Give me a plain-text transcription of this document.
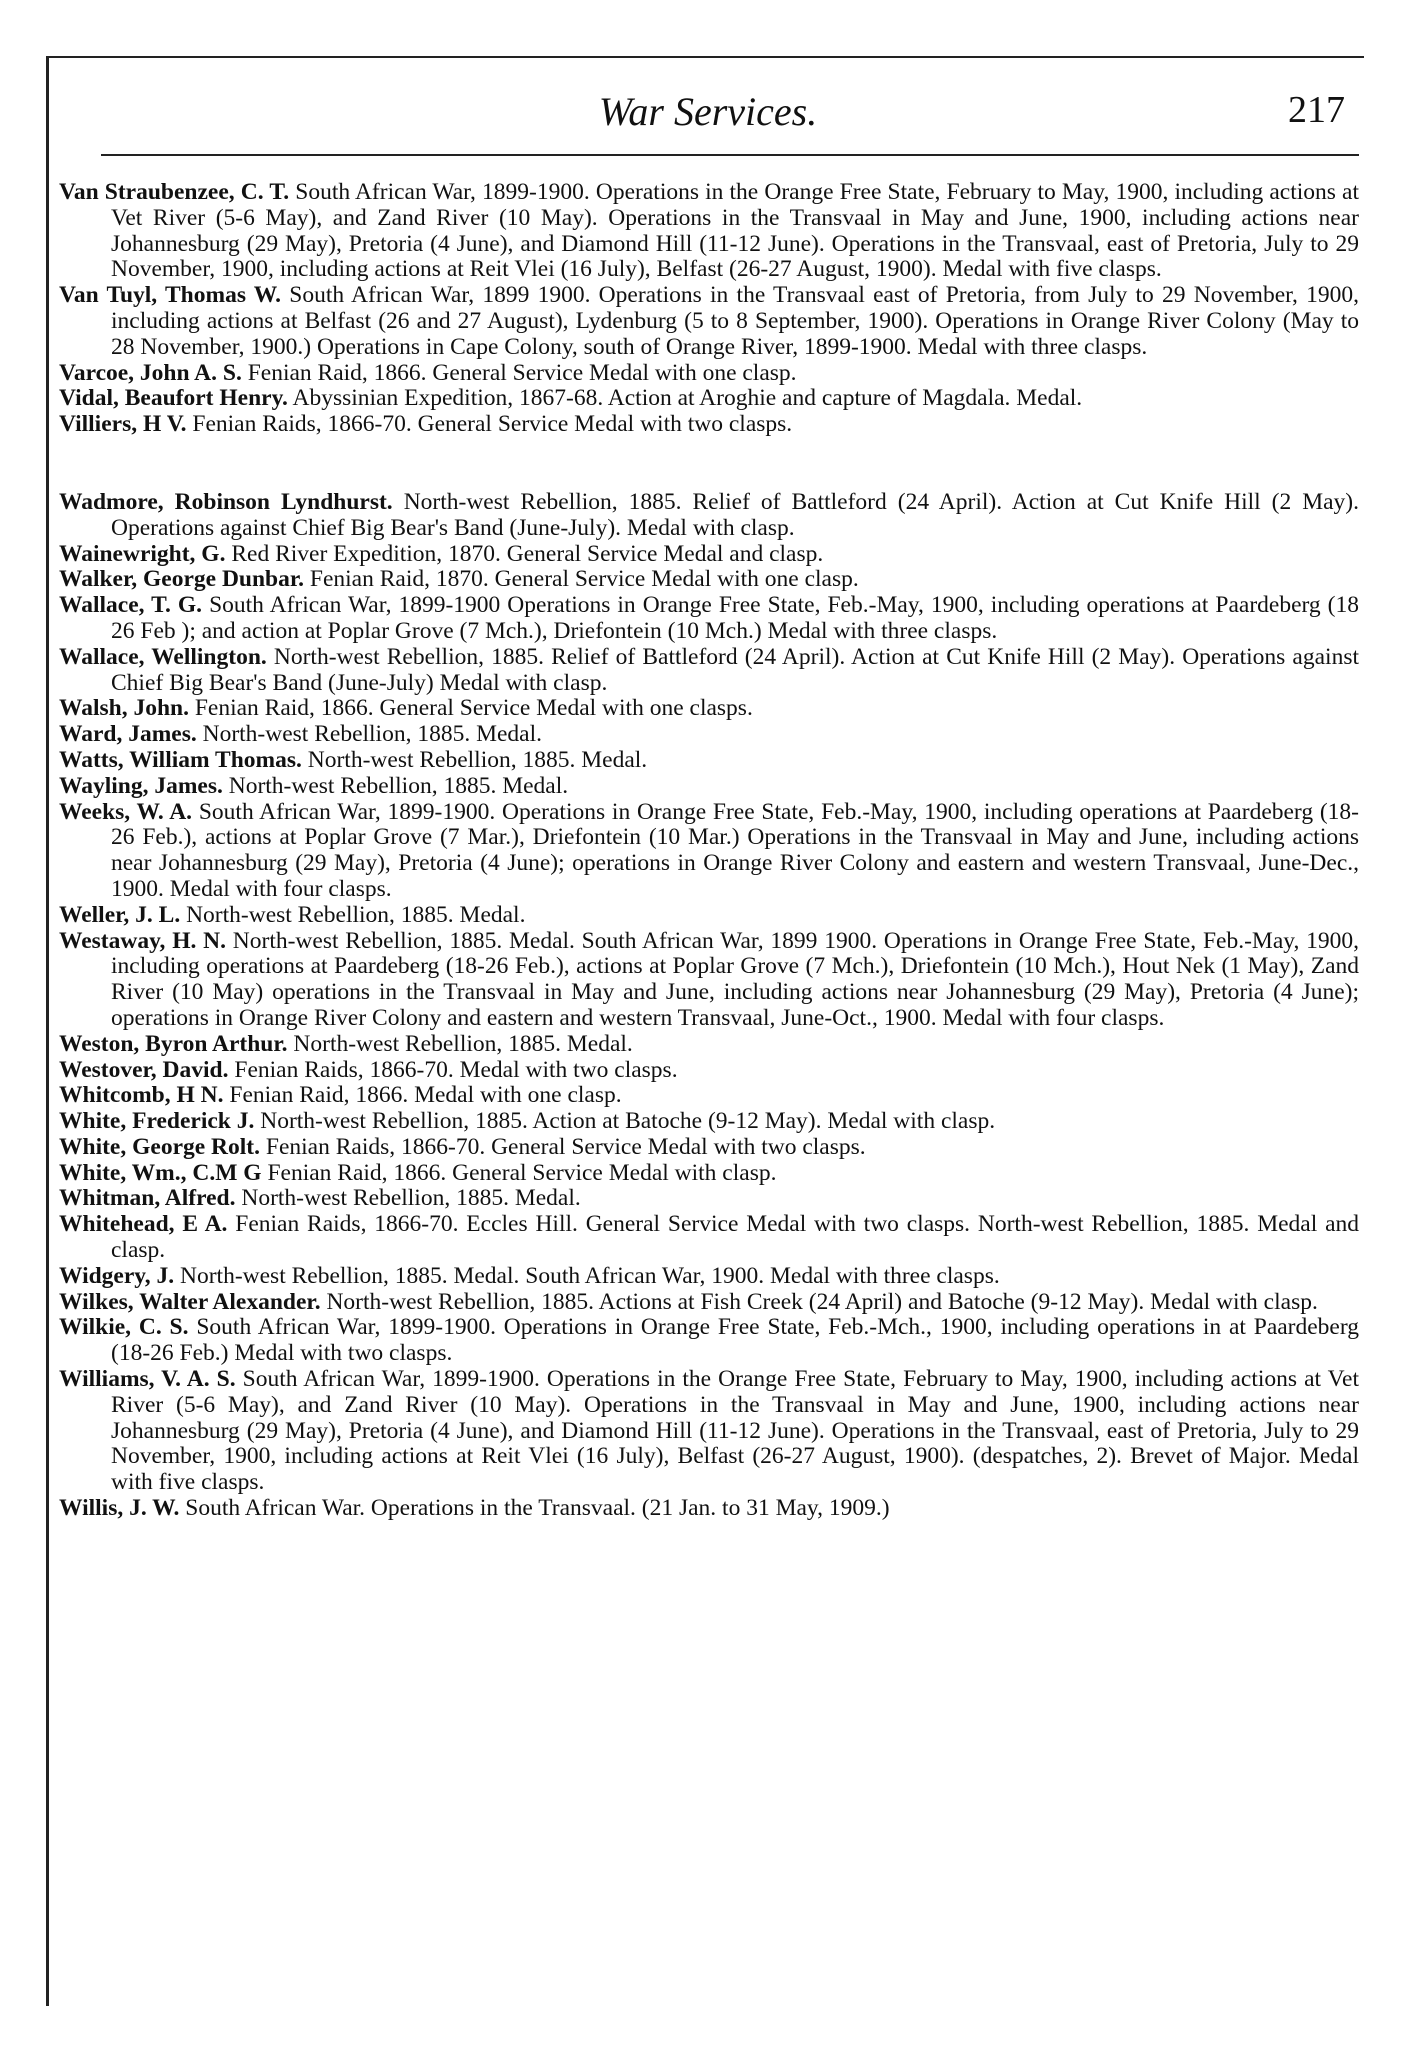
War Services.	217

Van Straubenzee, C. T. South African War, 1899-1900. Operations in the Orange Free State, February to May, 1900, including actions at Vet River (5-6 May), and Zand River (10 May). Operations in the Transvaal in May and June, 1900, including actions near Johannesburg (29 May), Pretoria (4 June), and Diamond Hill (11-12 June). Operations in the Transvaal, east of Pretoria, July to 29 November, 1900, including actions at Reit Vlei (16 July), Belfast (26-27 August, 1900). Medal with five clasps.

Van Tuyl, Thomas W. South African War, 1899 1900. Operations in the Transvaal east of Pretoria, from July to 29 November, 1900, including actions at Belfast (26 and 27 August), Lydenburg (5 to 8 September, 1900). Operations in Orange River Colony (May to 28 November, 1900.) Operations in Cape Colony, south of Orange River, 1899-1900. Medal with three clasps.

Varcoe, John A. S. Fenian Raid, 1866. General Service Medal with one clasp.

Vidal, Beaufort Henry. Abyssinian Expedition, 1867-68. Action at Aroghie and capture of Magdala. Medal.

Villiers, H V. Fenian Raids, 1866-70. General Service Medal with two clasps.

Wadmore, Robinson Lyndhurst. North-west Rebellion, 1885. Relief of Battleford (24 April). Action at Cut Knife Hill (2 May). Operations against Chief Big Bear's Band (June-July). Medal with clasp.

Wainewright, G. Red River Expedition, 1870. General Service Medal and clasp.

Walker, George Dunbar. Fenian Raid, 1870. General Service Medal with one clasp.

Wallace, T. G. South African War, 1899-1900 Operations in Orange Free State, Feb.-May, 1900, including operations at Paardeberg (18 26 Feb ); and action at Poplar Grove (7 Mch.), Driefontein (10 Mch.) Medal with three clasps.

Wallace, Wellington. North-west Rebellion, 1885. Relief of Battleford (24 April). Action at Cut Knife Hill (2 May). Operations against Chief Big Bear's Band (June-July) Medal with clasp.

Walsh, John. Fenian Raid, 1866. General Service Medal with one clasps.

Ward, James. North-west Rebellion, 1885. Medal.

Watts, William Thomas. North-west Rebellion, 1885. Medal.

Wayling, James. North-west Rebellion, 1885. Medal.

Weeks, W. A. South African War, 1899-1900. Operations in Orange Free State, Feb.-May, 1900, including operations at Paardeberg (18-26 Feb.), actions at Poplar Grove (7 Mar.), Driefontein (10 Mar.) Operations in the Transvaal in May and June, including actions near Johannesburg (29 May), Pretoria (4 June); operations in Orange River Colony and eastern and western Transvaal, June-Dec., 1900. Medal with four clasps.

Weller, J. L. North-west Rebellion, 1885. Medal.

Westaway, H. N. North-west Rebellion, 1885. Medal. South African War, 1899 1900. Operations in Orange Free State, Feb.-May, 1900, including operations at Paardeberg (18-26 Feb.), actions at Poplar Grove (7 Mch.), Driefontein (10 Mch.), Hout Nek (1 May), Zand River (10 May) operations in the Transvaal in May and June, including actions near Johannesburg (29 May), Pretoria (4 June); operations in Orange River Colony and eastern and western Transvaal, June-Oct., 1900. Medal with four clasps.

Weston, Byron Arthur. North-west Rebellion, 1885. Medal.

Westover, David. Fenian Raids, 1866-70. Medal with two clasps.

Whitcomb, H N. Fenian Raid, 1866. Medal with one clasp.

White, Frederick J. North-west Rebellion, 1885. Action at Batoche (9-12 May). Medal with clasp.

White, George Rolt. Fenian Raids, 1866-70. General Service Medal with two clasps.

White, Wm., C.M G Fenian Raid, 1866. General Service Medal with clasp.

Whitman, Alfred. North-west Rebellion, 1885. Medal.

Whitehead, E A. Fenian Raids, 1866-70. Eccles Hill. General Service Medal with two clasps. North-west Rebellion, 1885. Medal and clasp.

Widgery, J. North-west Rebellion, 1885. Medal. South African War, 1900. Medal with three clasps.

Wilkes, Walter Alexander. North-west Rebellion, 1885. Actions at Fish Creek (24 April) and Batoche (9-12 May). Medal with clasp.

Wilkie, C. S. South African War, 1899-1900. Operations in Orange Free State, Feb.-Mch., 1900, including operations in at Paardeberg (18-26 Feb.) Medal with two clasps.

Williams, V. A. S. South African War, 1899-1900. Operations in the Orange Free State, February to May, 1900, including actions at Vet River (5-6 May), and Zand River (10 May). Operations in the Transvaal in May and June, 1900, including actions near Johannesburg (29 May), Pretoria (4 June), and Diamond Hill (11-12 June). Operations in the Transvaal, east of Pretoria, July to 29 November, 1900, including actions at Reit Vlei (16 July), Belfast (26-27 August, 1900). (despatches, 2). Brevet of Major. Medal with five clasps.

Willis, J. W. South African War. Operations in the Transvaal. (21 Jan. to 31 May, 1909.)
